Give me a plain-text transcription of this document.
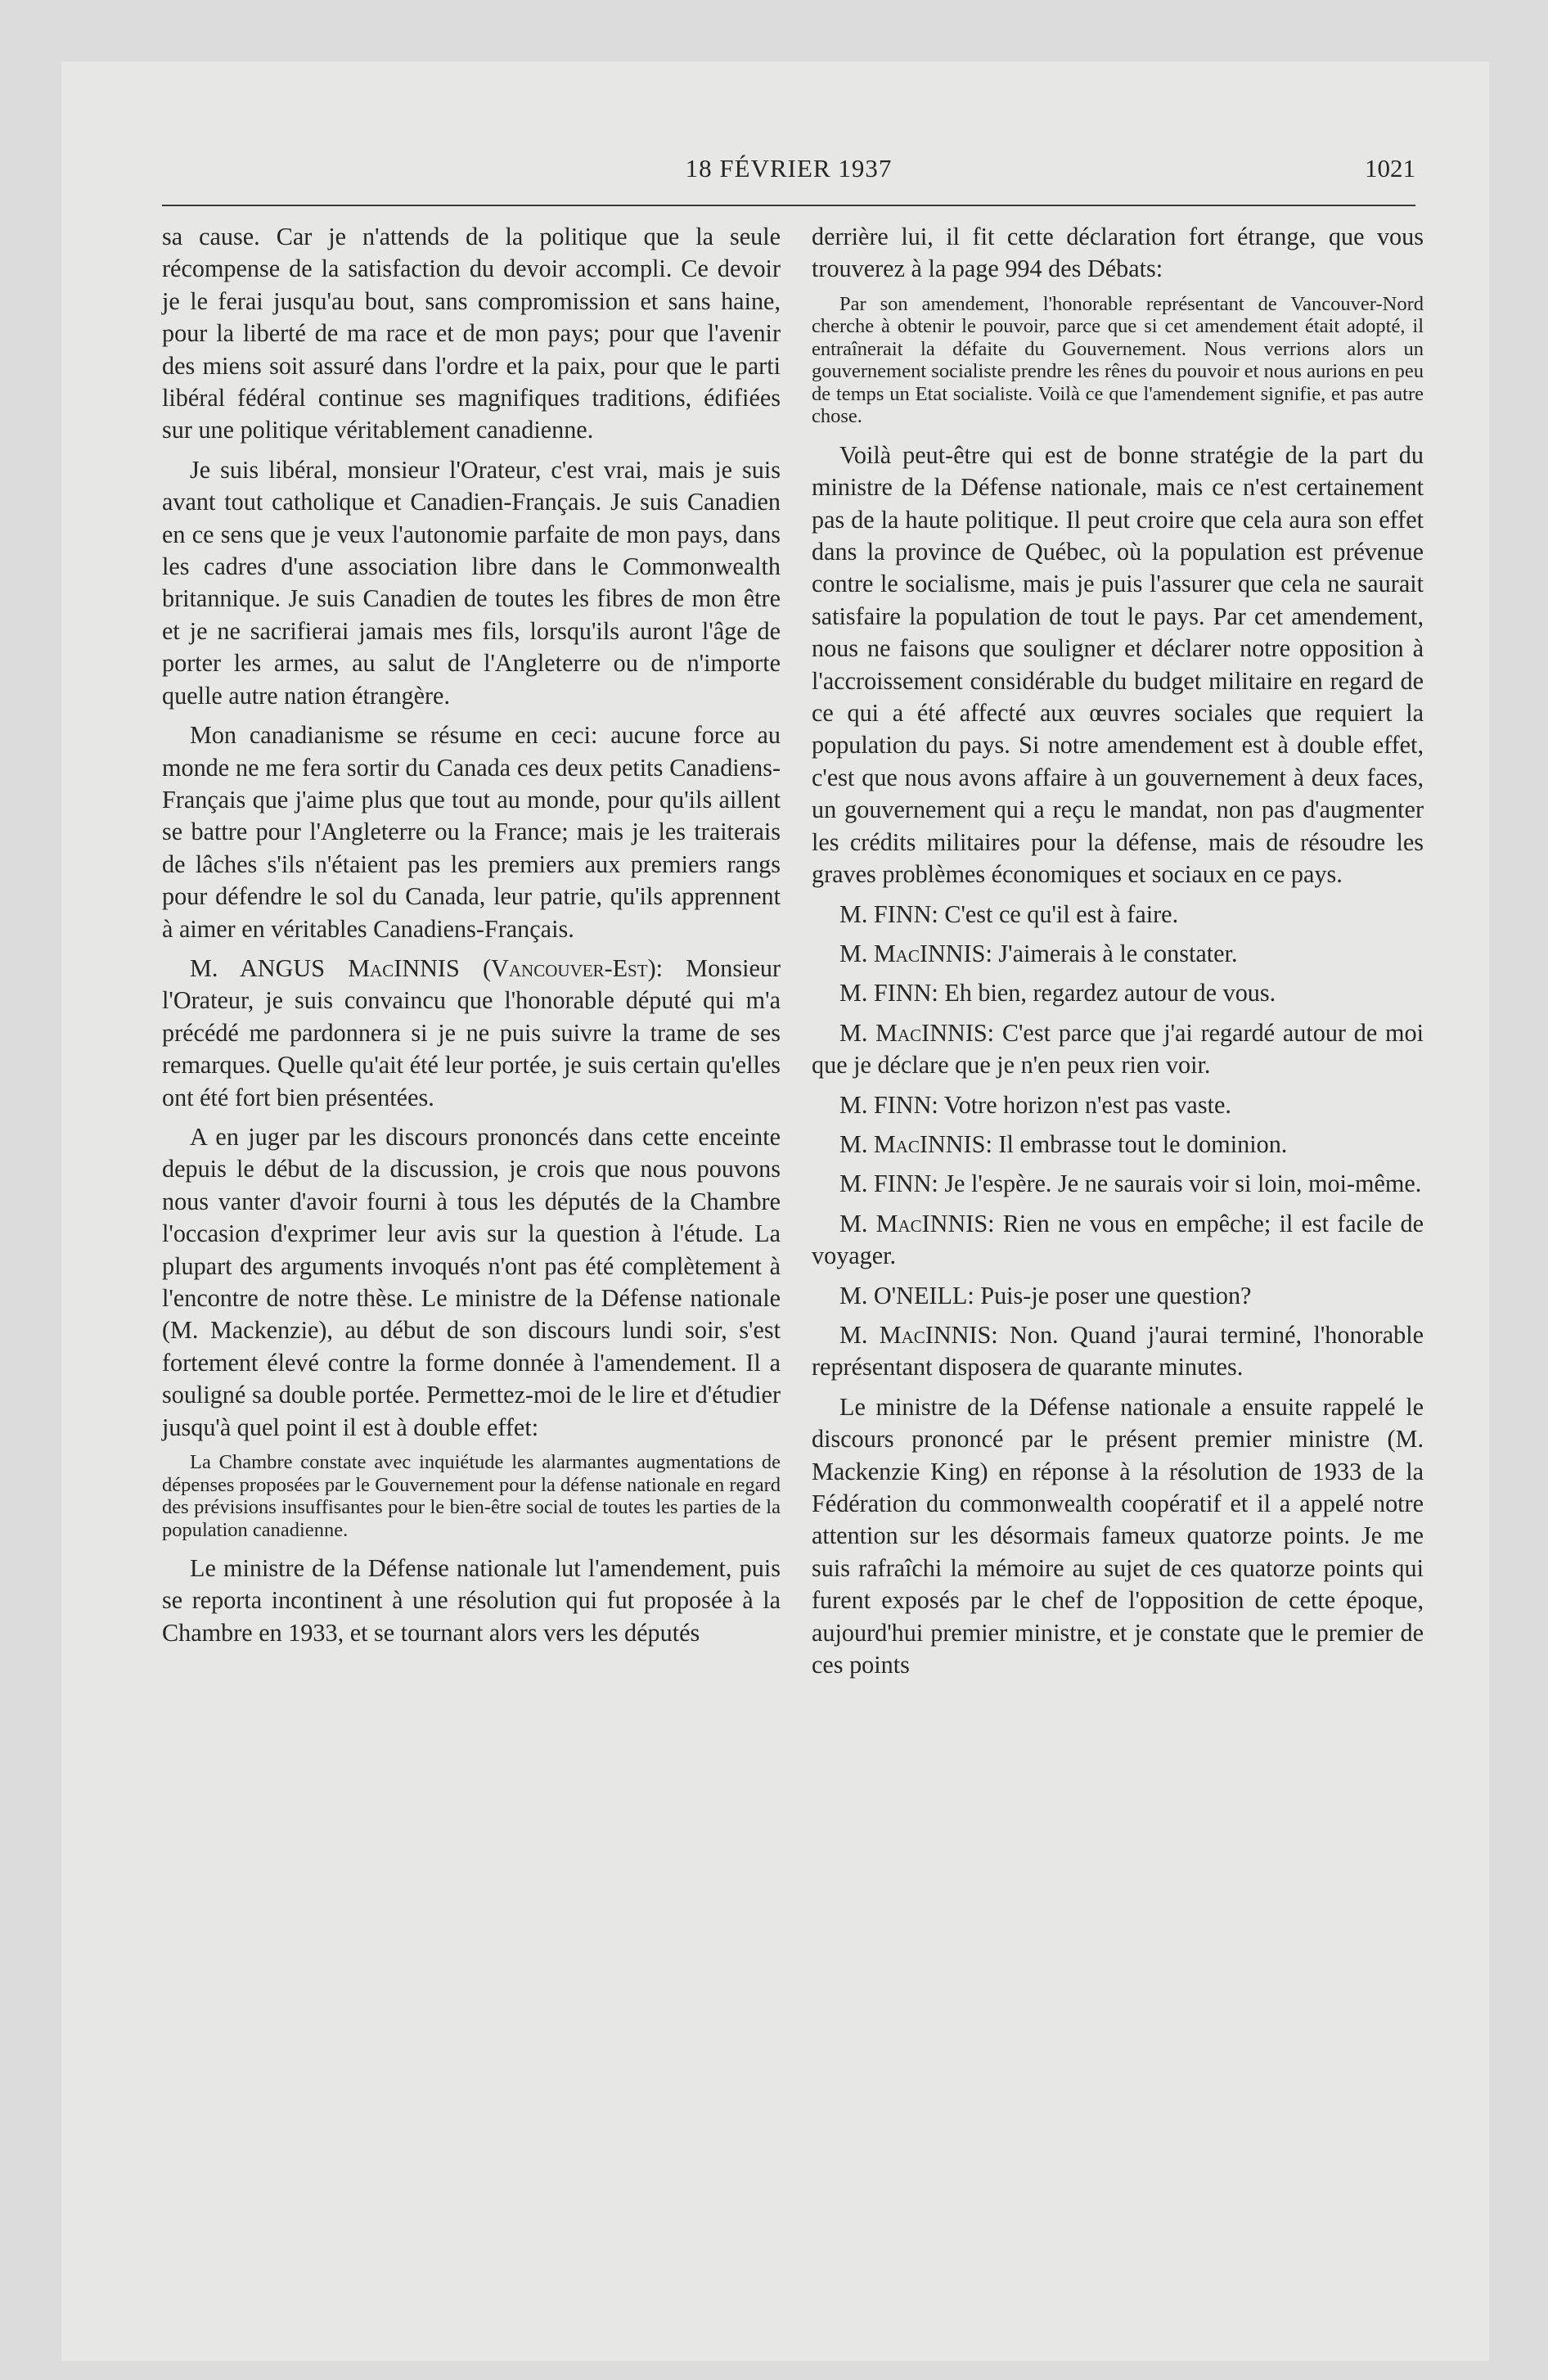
18 FÉVRIER 1937	1021

sa cause. Car je n'attends de la politique que la seule récompense de la satisfaction du devoir accompli. Ce devoir je le ferai jusqu'au bout, sans compromission et sans haine, pour la liberté de ma race et de mon pays; pour que l'avenir des miens soit assuré dans l'ordre et la paix, pour que le parti libéral fédéral continue ses magnifiques traditions, édifiées sur une politique véritablement canadienne.

Je suis libéral, monsieur l'Orateur, c'est vrai, mais je suis avant tout catholique et Canadien-Français. Je suis Canadien en ce sens que je veux l'autonomie parfaite de mon pays, dans les cadres d'une association libre dans le Commonwealth britannique. Je suis Canadien de toutes les fibres de mon être et je ne sacrifierai jamais mes fils, lorsqu'ils auront l'âge de porter les armes, au salut de l'Angleterre ou de n'importe quelle autre nation étrangère.

Mon canadianisme se résume en ceci: aucune force au monde ne me fera sortir du Canada ces deux petits Canadiens-Français que j'aime plus que tout au monde, pour qu'ils aillent se battre pour l'Angleterre ou la France; mais je les traiterais de lâches s'ils n'étaient pas les premiers aux premiers rangs pour défendre le sol du Canada, leur patrie, qu'ils apprennent à aimer en véritables Canadiens-Français.

M. ANGUS MacINNIS (Vancouver-Est): Monsieur l'Orateur, je suis convaincu que l'honorable député qui m'a précédé me pardonnera si je ne puis suivre la trame de ses remarques. Quelle qu'ait été leur portée, je suis certain qu'elles ont été fort bien présentées.

A en juger par les discours prononcés dans cette enceinte depuis le début de la discussion, je crois que nous pouvons nous vanter d'avoir fourni à tous les députés de la Chambre l'occasion d'exprimer leur avis sur la question à l'étude. La plupart des arguments invoqués n'ont pas été complètement à l'encontre de notre thèse. Le ministre de la Défense nationale (M. Mackenzie), au début de son discours lundi soir, s'est fortement élevé contre la forme donnée à l'amendement. Il a souligné sa double portée. Permettez-moi de le lire et d'étudier jusqu'à quel point il est à double effet:

La Chambre constate avec inquiétude les alarmantes augmentations de dépenses proposées par le Gouvernement pour la défense nationale en regard des prévisions insuffisantes pour le bien-être social de toutes les parties de la population canadienne.

Le ministre de la Défense nationale lut l'amendement, puis se reporta incontinent à une résolution qui fut proposée à la Chambre en 1933, et se tournant alors vers les députés

derrière lui, il fit cette déclaration fort étrange, que vous trouverez à la page 994 des Débats:

Par son amendement, l'honorable représentant de Vancouver-Nord cherche à obtenir le pouvoir, parce que si cet amendement était adopté, il entraînerait la défaite du Gouvernement. Nous verrions alors un gouvernement socialiste prendre les rênes du pouvoir et nous aurions en peu de temps un Etat socialiste. Voilà ce que l'amendement signifie, et pas autre chose.

Voilà peut-être qui est de bonne stratégie de la part du ministre de la Défense nationale, mais ce n'est certainement pas de la haute politique. Il peut croire que cela aura son effet dans la province de Québec, où la population est prévenue contre le socialisme, mais je puis l'assurer que cela ne saurait satisfaire la population de tout le pays. Par cet amendement, nous ne faisons que souligner et déclarer notre opposition à l'accroissement considérable du budget militaire en regard de ce qui a été affecté aux œuvres sociales que requiert la population du pays. Si notre amendement est à double effet, c'est que nous avons affaire à un gouvernement à deux faces, un gouvernement qui a reçu le mandat, non pas d'augmenter les crédits militaires pour la défense, mais de résoudre les graves problèmes économiques et sociaux en ce pays.

M. FINN: C'est ce qu'il est à faire.

M. MacINNIS: J'aimerais à le constater.

M. FINN: Eh bien, regardez autour de vous.

M. MacINNIS: C'est parce que j'ai regardé autour de moi que je déclare que je n'en peux rien voir.

M. FINN: Votre horizon n'est pas vaste.

M. MacINNIS: Il embrasse tout le dominion.

M. FINN: Je l'espère. Je ne saurais voir si loin, moi-même.

M. MacINNIS: Rien ne vous en empêche; il est facile de voyager.

M. O'NEILL: Puis-je poser une question?

M. MacINNIS: Non. Quand j'aurai terminé, l'honorable représentant disposera de quarante minutes.

Le ministre de la Défense nationale a ensuite rappelé le discours prononcé par le présent premier ministre (M. Mackenzie King) en réponse à la résolution de 1933 de la Fédération du commonwealth coopératif et il a appelé notre attention sur les désormais fameux quatorze points. Je me suis rafraîchi la mémoire au sujet de ces quatorze points qui furent exposés par le chef de l'opposition de cette époque, aujourd'hui premier ministre, et je constate que le premier de ces points
